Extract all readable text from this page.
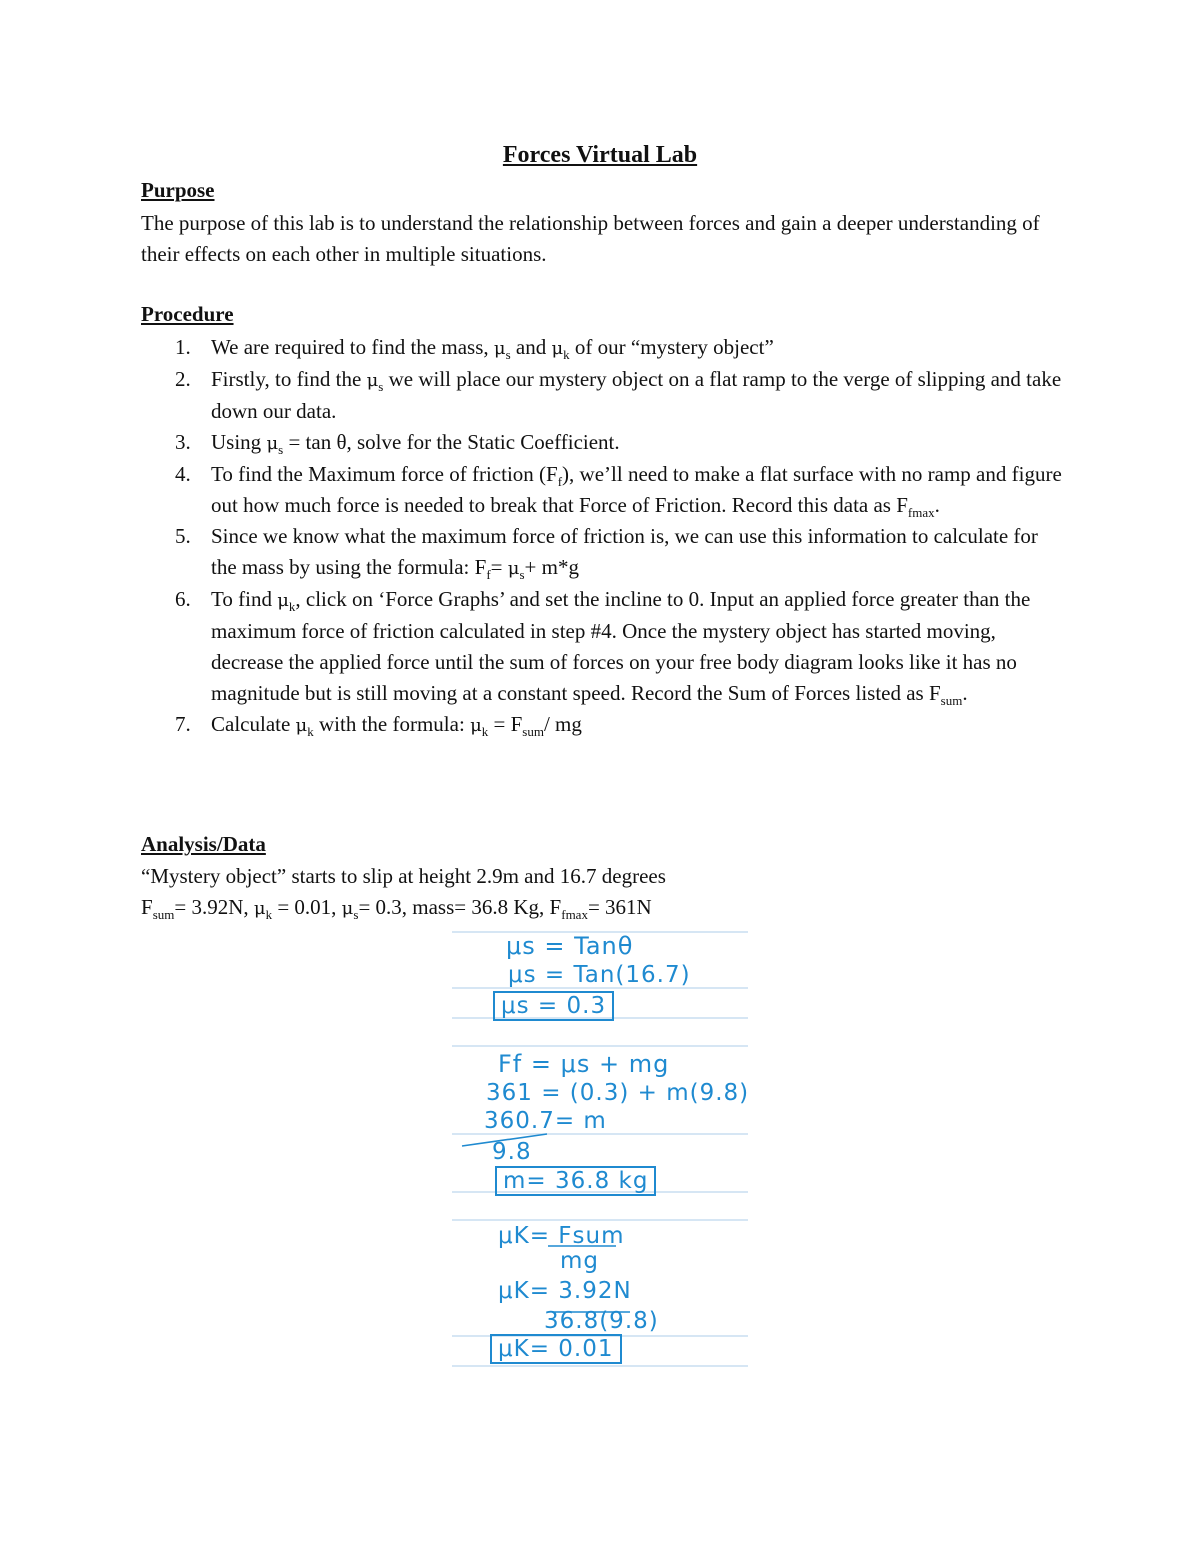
Forces Virtual Lab
Purpose
The purpose of this lab is to understand the relationship between forces and gain a deeper understanding of their effects on each other in multiple situations.
Procedure
1. We are required to find the mass, $\mu_s$ and $\mu_k$ of our “mystery object”
2. Firstly, to find the $\mu_s$ we will place our mystery object on a flat ramp to the verge of slipping and take down our data.
3. Using $\mu_s = \tan \theta$, solve for the Static Coefficient.
4. To find the Maximum force of friction $(F_f)$, we’ll need to make a flat surface with no ramp and figure out how much force is needed to break that Force of Friction. Record this data as $F_{fmax}$.
5. Since we know what the maximum force of friction is, we can use this information to calculate for the mass by using the formula: $F_f= \mu_s+ m*g$
6. To find $\mu_k$, click on ‘Force Graphs’ and set the incline to 0. Input an applied force greater than the maximum force of friction calculated in step #4. Once the mystery object has started moving, decrease the applied force until the sum of forces on your free body diagram looks like it has no magnitude but is still moving at a constant speed. Record the Sum of Forces listed as $F_{sum}$.
7. Calculate $\mu_k$ with the formula: $\mu_k = F_{sum}/$ mg
Analysis/Data
“Mystery object” starts to slip at height 2.9m and 16.7 degrees
$F_{sum}= 3.92N$, $\mu_k = 0.01$, $\mu_s= 0.3$, mass= 36.8 Kg, $F_{fmax}= 361N$
μs = Tanθ
μs = Tan(16.7)
μs = 0.3
Ff = μs + mg
361 = (0.3) + m(9.8)
360.7= m
9.8
m= 36.8 kg
μK= Fsum
mg
μK= 3.92N
36.8(9.8)
μK= 0.01
